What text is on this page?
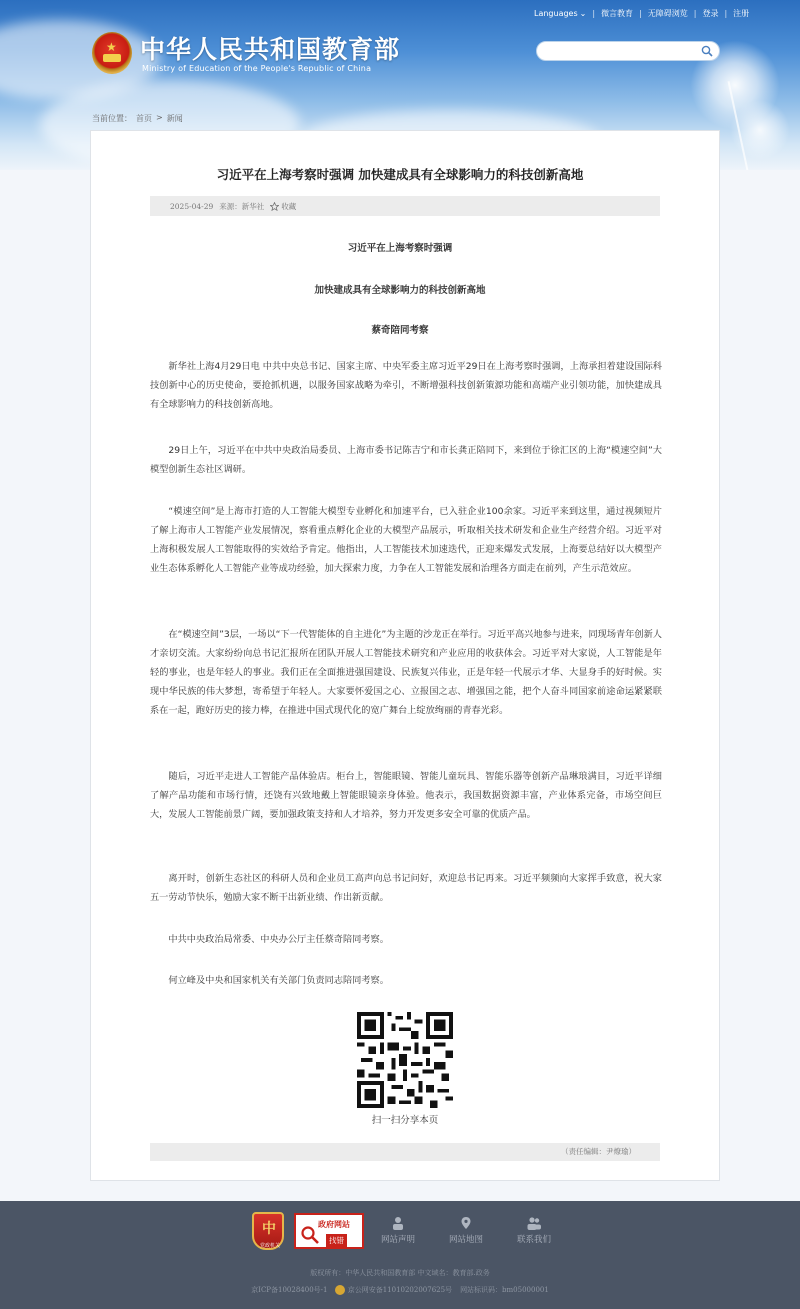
★ 中华人民共和国教育部
Ministry of Education of the People's Republic of China
Languages ⌄ | 微言教育 | 无障碍浏览 | 登录 | 注册
当前位置： 首页 > 新闻
习近平在上海考察时强调 加快建成具有全球影响力的科技创新高地
2025-04-29 来源：新华社 收藏
习近平在上海考察时强调
加快建成具有全球影响力的科技创新高地
蔡奇陪同考察
新华社上海4月29日电 中共中央总书记、国家主席、中央军委主席习近平29日在上海考察时强调，上海承担着建设国际科技创新中心的历史使命，要抢抓机遇，以服务国家战略为牵引，不断增强科技创新策源功能和高端产业引领功能，加快建成具有全球影响力的科技创新高地。
29日上午，习近平在中共中央政治局委员、上海市委书记陈吉宁和市长龚正陪同下，来到位于徐汇区的上海“模速空间”大模型创新生态社区调研。
“模速空间”是上海市打造的人工智能大模型专业孵化和加速平台，已入驻企业100余家。习近平来到这里，通过视频短片了解上海市人工智能产业发展情况，察看重点孵化企业的大模型产品展示，听取相关技术研发和企业生产经营介绍。习近平对上海积极发展人工智能取得的实效给予肯定。他指出，人工智能技术加速迭代，正迎来爆发式发展，上海要总结好以大模型产业生态体系孵化人工智能产业等成功经验，加大探索力度，力争在人工智能发展和治理各方面走在前列，产生示范效应。
在“模速空间”3层，一场以“下一代智能体的自主进化”为主题的沙龙正在举行。习近平高兴地参与进来，同现场青年创新人才亲切交流。大家纷纷向总书记汇报所在团队开展人工智能技术研究和产业应用的收获体会。习近平对大家说，人工智能是年轻的事业，也是年轻人的事业。我们正在全面推进强国建设、民族复兴伟业，正是年轻一代展示才华、大显身手的好时候。实现中华民族的伟大梦想，寄希望于年轻人。大家要怀爱国之心、立报国之志、增强国之能，把个人奋斗同国家前途命运紧紧联系在一起，跑好历史的接力棒，在推进中国式现代化的宽广舞台上绽放绚丽的青春光彩。
随后，习近平走进人工智能产品体验店。柜台上，智能眼镜、智能儿童玩具、智能乐器等创新产品琳琅满目，习近平详细了解产品功能和市场行情，还饶有兴致地戴上智能眼镜亲身体验。他表示，我国数据资源丰富，产业体系完备，市场空间巨大，发展人工智能前景广阔，要加强政策支持和人才培养，努力开发更多安全可靠的优质产品。
离开时，创新生态社区的科研人员和企业员工高声向总书记问好，欢迎总书记再来。习近平频频向大家挥手致意，祝大家五一劳动节快乐，勉励大家不断干出新业绩、作出新贡献。
中共中央政治局常委、中央办公厅主任蔡奇陪同考察。
何立峰及中央和国家机关有关部门负责同志陪同考察。
扫一扫分享本页
（责任编辑：尹燎瑜）
中
党政机关
政府网站
找错	网站声明	网站地图	联系我们
版权所有：中华人民共和国教育部 中文域名：教育部.政务
京ICP备10028400号-1	京公网安备11010202007625号 网站标识码：bm05000001
